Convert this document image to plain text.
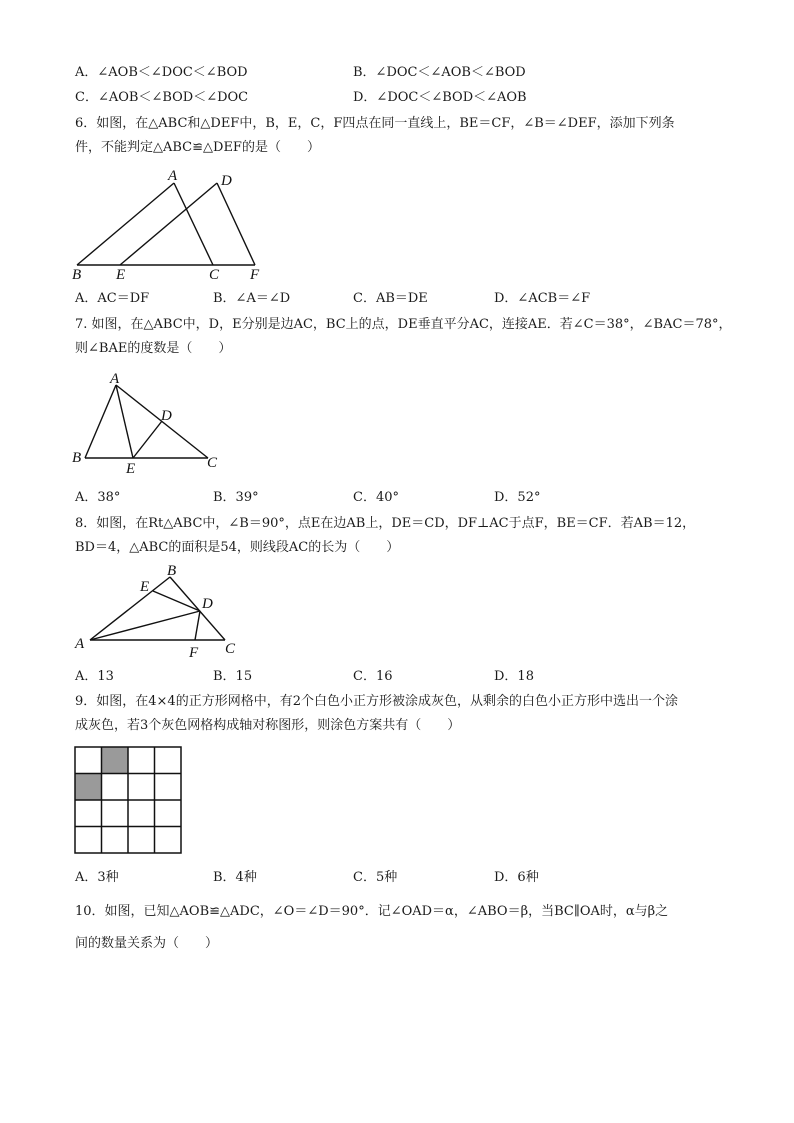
A．∠AOB＜∠DOC＜∠BOD	B．∠DOC＜∠AOB＜∠BOD
C．∠AOB＜∠BOD＜∠DOC	D．∠DOC＜∠BOD＜∠AOB
6．如图，在△ABC和△DEF中，B，E，C，F四点在同一直线上，BE＝CF，∠B＝∠DEF，添加下列条
件，不能判定△ABC≌△DEF的是（　　）
A	D
B E	C F
A．AC＝DF	B．∠A＝∠D	C．AB＝DE	D．∠ACB＝∠F
7. 如图，在△ABC中，D，E分别是边AC，BC上的点，DE垂直平分AC，连接AE．若∠C＝38°，∠BAC＝78°，
则∠BAE的度数是（　　）
A
B	C
D
E
A．38°	B．39°	C．40°	D．52°
8．如图，在Rt△ABC中，∠B＝90°，点E在边AB上，DE＝CD，DF⊥AC于点F，BE＝CF．若AB＝12，
BD＝4，△ABC的面积是54，则线段AC的长为（　　）
B
E
D
A
F C
A．13	B．15	C．16	D．18
9．如图，在4×4的正方形网格中，有2个白色小正方形被涂成灰色，从剩余的白色小正方形中选出一个涂
成灰色，若3个灰色网格构成轴对称图形，则涂色方案共有（　　）
A．3种	B．4种	C．5种	D．6种
10．如图，已知△AOB≌△ADC，∠O＝∠D＝90°．记∠OAD＝α，∠ABO＝β，当BC∥OA时，α与β之
间的数量关系为（　　）
